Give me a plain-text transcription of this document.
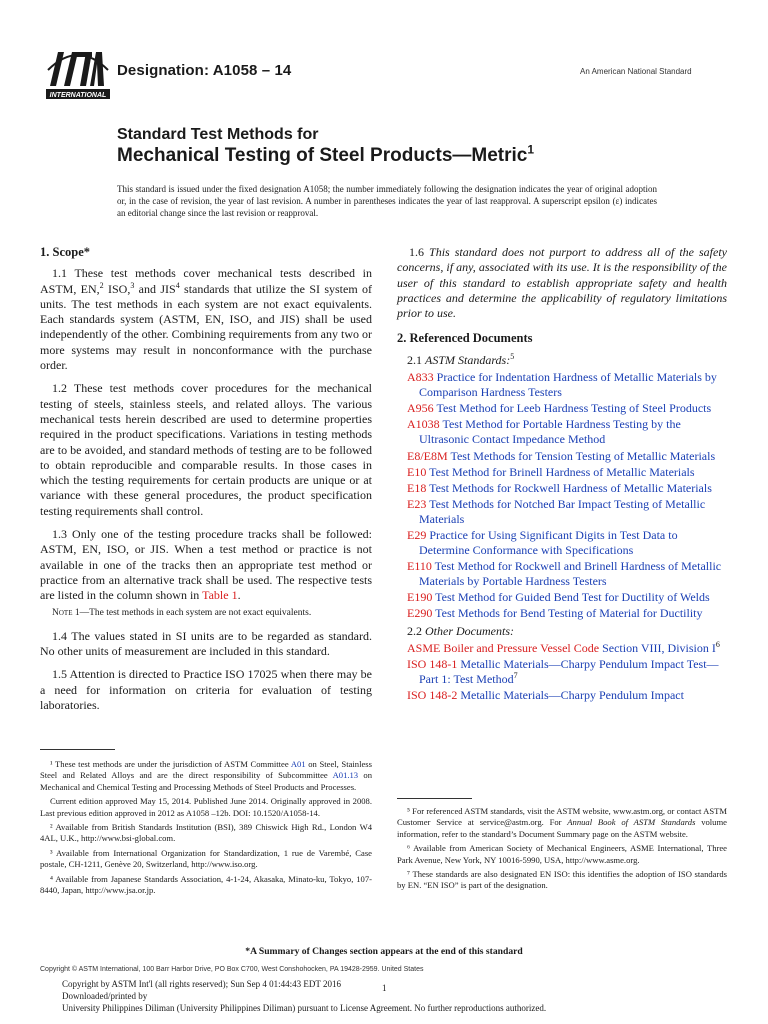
INTERNATIONAL
Designation: A1058 – 14	An American National Standard
Standard Test Methods for
Mechanical Testing of Steel Products—Metric$^1$
This standard is issued under the fixed designation A1058; the number immediately following the designation indicates the year of original adoption or, in the case of revision, the year of last revision. A number in parentheses indicates the year of last reapproval. A superscript epsilon (ε) indicates an editorial change since the last revision or reapproval.
1. Scope*

1.1 These test methods cover mechanical tests described in ASTM, EN,$^2$ ISO,$^3$ and JIS$^4$ standards that utilize the SI system of units. The test methods in each system are not exact equivalents. Each standards system (ASTM, EN, ISO, and JIS) shall be used independently of the other. Combining requirements from any two or more systems may result in nonconformance with the purchase order.

1.2 These test methods cover procedures for the mechanical testing of steels, stainless steels, and related alloys. The various mechanical tests herein described are used to determine properties required in the product specifications. Variations in testing methods are to be avoided, and standard methods of testing are to be followed to obtain reproducible and comparable results. In those cases in which the testing requirements for certain products are unique or at variance with these general procedures, the product specification testing requirements shall control.

1.3 Only one of the testing procedure tracks shall be followed: ASTM, EN, ISO, or JIS. When a test method or practice is not available in one of the tracks then an appropriate test method or practice from an alternative track shall be used. The respective tests are listed in the column shown in Table 1.

Note 1—The test methods in each system are not exact equivalents.

1.4 The values stated in SI units are to be regarded as standard. No other units of measurement are included in this standard.

1.5 Attention is directed to Practice ISO 17025 when there may be a need for information on criteria for evaluation of testing laboratories.

¹ These test methods are under the jurisdiction of ASTM Committee A01 on Steel, Stainless Steel and Related Alloys and are the direct responsibility of Subcommittee A01.13 on Mechanical and Chemical Testing and Processing Methods of Steel Products and Processes.

Current edition approved May 15, 2014. Published June 2014. Originally approved in 2008. Last previous edition approved in 2012 as A1058 –12b. DOI: 10.1520/A1058-14.

² Available from British Standards Institution (BSI), 389 Chiswick High Rd., London W4 4AL, U.K., http://www.bsi-global.com.

³ Available from International Organization for Standardization, 1 rue de Varembé, Case postale, CH-1211, Genève 20, Switzerland, http://www.iso.org.

⁴ Available from Japanese Standards Association, 4-1-24, Akasaka, Minato-ku, Tokyo, 107-8440, Japan, http://www.jsa.or.jp.

1.6 This standard does not purport to address all of the safety concerns, if any, associated with its use. It is the responsibility of the user of this standard to establish appropriate safety and health practices and determine the applicability of regulatory limitations prior to use.

2. Referenced Documents
2.1 ASTM Standards:$^5$
A833 Practice for Indentation Hardness of Metallic Materials by Comparison Hardness Testers
A956 Test Method for Leeb Hardness Testing of Steel Products
A1038 Test Method for Portable Hardness Testing by the Ultrasonic Contact Impedance Method
E8/E8M Test Methods for Tension Testing of Metallic Materials
E10 Test Method for Brinell Hardness of Metallic Materials
E18 Test Methods for Rockwell Hardness of Metallic Materials
E23 Test Methods for Notched Bar Impact Testing of Metallic Materials
E29 Practice for Using Significant Digits in Test Data to Determine Conformance with Specifications
E110 Test Method for Rockwell and Brinell Hardness of Metallic Materials by Portable Hardness Testers
E190 Test Method for Guided Bend Test for Ductility of Welds
E290 Test Methods for Bend Testing of Material for Ductility
2.2 Other Documents:
ASME Boiler and Pressure Vessel Code Section VIII, Division $I^6$
ISO 148-1 Metallic Materials—Charpy Pendulum Impact Test—Part 1: Test Method$^7$
ISO 148-2 Metallic Materials—Charpy Pendulum Impact

⁵ For referenced ASTM standards, visit the ASTM website, www.astm.org, or contact ASTM Customer Service at service@astm.org. For Annual Book of ASTM Standards volume information, refer to the standard’s Document Summary page on the ASTM website.

⁶ Available from American Society of Mechanical Engineers, ASME International, Three Park Avenue, New York, NY 10016-5990, USA, http://www.asme.org.

⁷ These standards are also designated EN ISO: this identifies the adoption of ISO standards by EN. “EN ISO” is part of the designation.

*A Summary of Changes section appears at the end of this standard
Copyright © ASTM International, 100 Barr Harbor Drive, PO Box C700, West Conshohocken, PA 19428-2959. United States
Copyright by ASTM Int'l (all rights reserved); Sun Sep 4 01:44:43 EDT 2016
Downloaded/printed by
University Philippines Diliman (University Philippines Diliman) pursuant to License Agreement. No further reproductions authorized.
1
